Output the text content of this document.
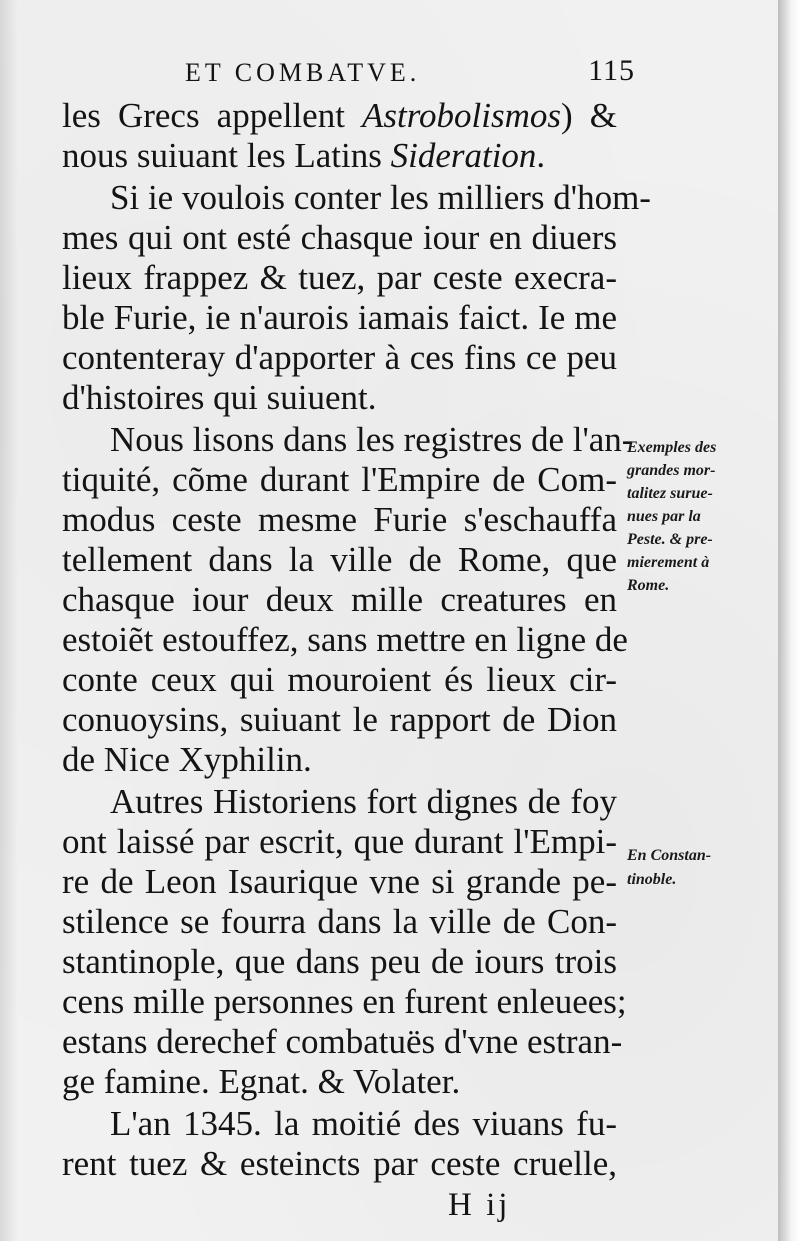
ET COMBATVE.	115
les Grecs appellent Astrobolismos) &
nous suiuant les Latins Sideration.
Si ie voulois conter les milliers d'hom-
mes qui ont esté chasque iour en diuers
lieux frappez & tuez, par ceste execra-
ble Furie, ie n'aurois iamais faict. Ie me
contenteray d'apporter à ces fins ce peu
d'histoires qui suiuent.
Nous lisons dans les registres de l'an-
tiquité, cõme durant l'Empire de Com-
modus ceste mesme Furie s'eschauffa
tellement dans la ville de Rome, que
chasque iour deux mille creatures en
estoiẽt estouffez, sans mettre en ligne de
conte ceux qui mouroient és lieux cir-
conuoysins, suiuant le rapport de Dion
de Nice Xyphilin.
Autres Historiens fort dignes de foy
ont laissé par escrit, que durant l'Empi-
re de Leon Isaurique vne si grande pe-
stilence se fourra dans la ville de Con-
stantinople, que dans peu de iours trois
cens mille personnes en furent enleuees;
estans derechef combatuës d'vne estran-
ge famine. Egnat. & Volater.
L'an 1345. la moitié des viuans fu-
rent tuez & esteincts par ceste cruelle,
Exemples des
grandes mor-
talitez surue-
nues par la
Peste. & pre-
mierement à
Rome.
En Constan-
tinoble.
H ij
